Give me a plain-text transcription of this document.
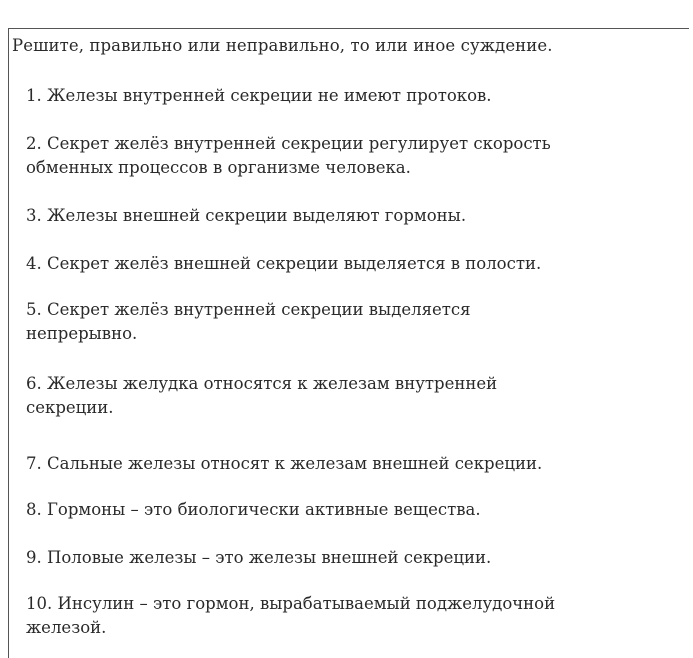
Решите, правильно или неправильно, то или иное суждение.
1. Железы внутренней секреции не имеют протоков.
2. Секрет желёз внутренней секреции регулирует скорость
обменных процессов в организме человека.
3. Железы внешней секреции выделяют гормоны.
4. Секрет желёз внешней секреции выделяется в полости.
5. Секрет желёз внутренней секреции выделяется
непрерывно.
6. Железы желудка относятся к железам внутренней
секреции.
7. Сальные железы относят к железам внешней секреции.
8. Гормоны – это биологически активные вещества.
9. Половые железы – это железы внешней секреции.
10. Инсулин – это гормон, вырабатываемый поджелудочной
железой.
